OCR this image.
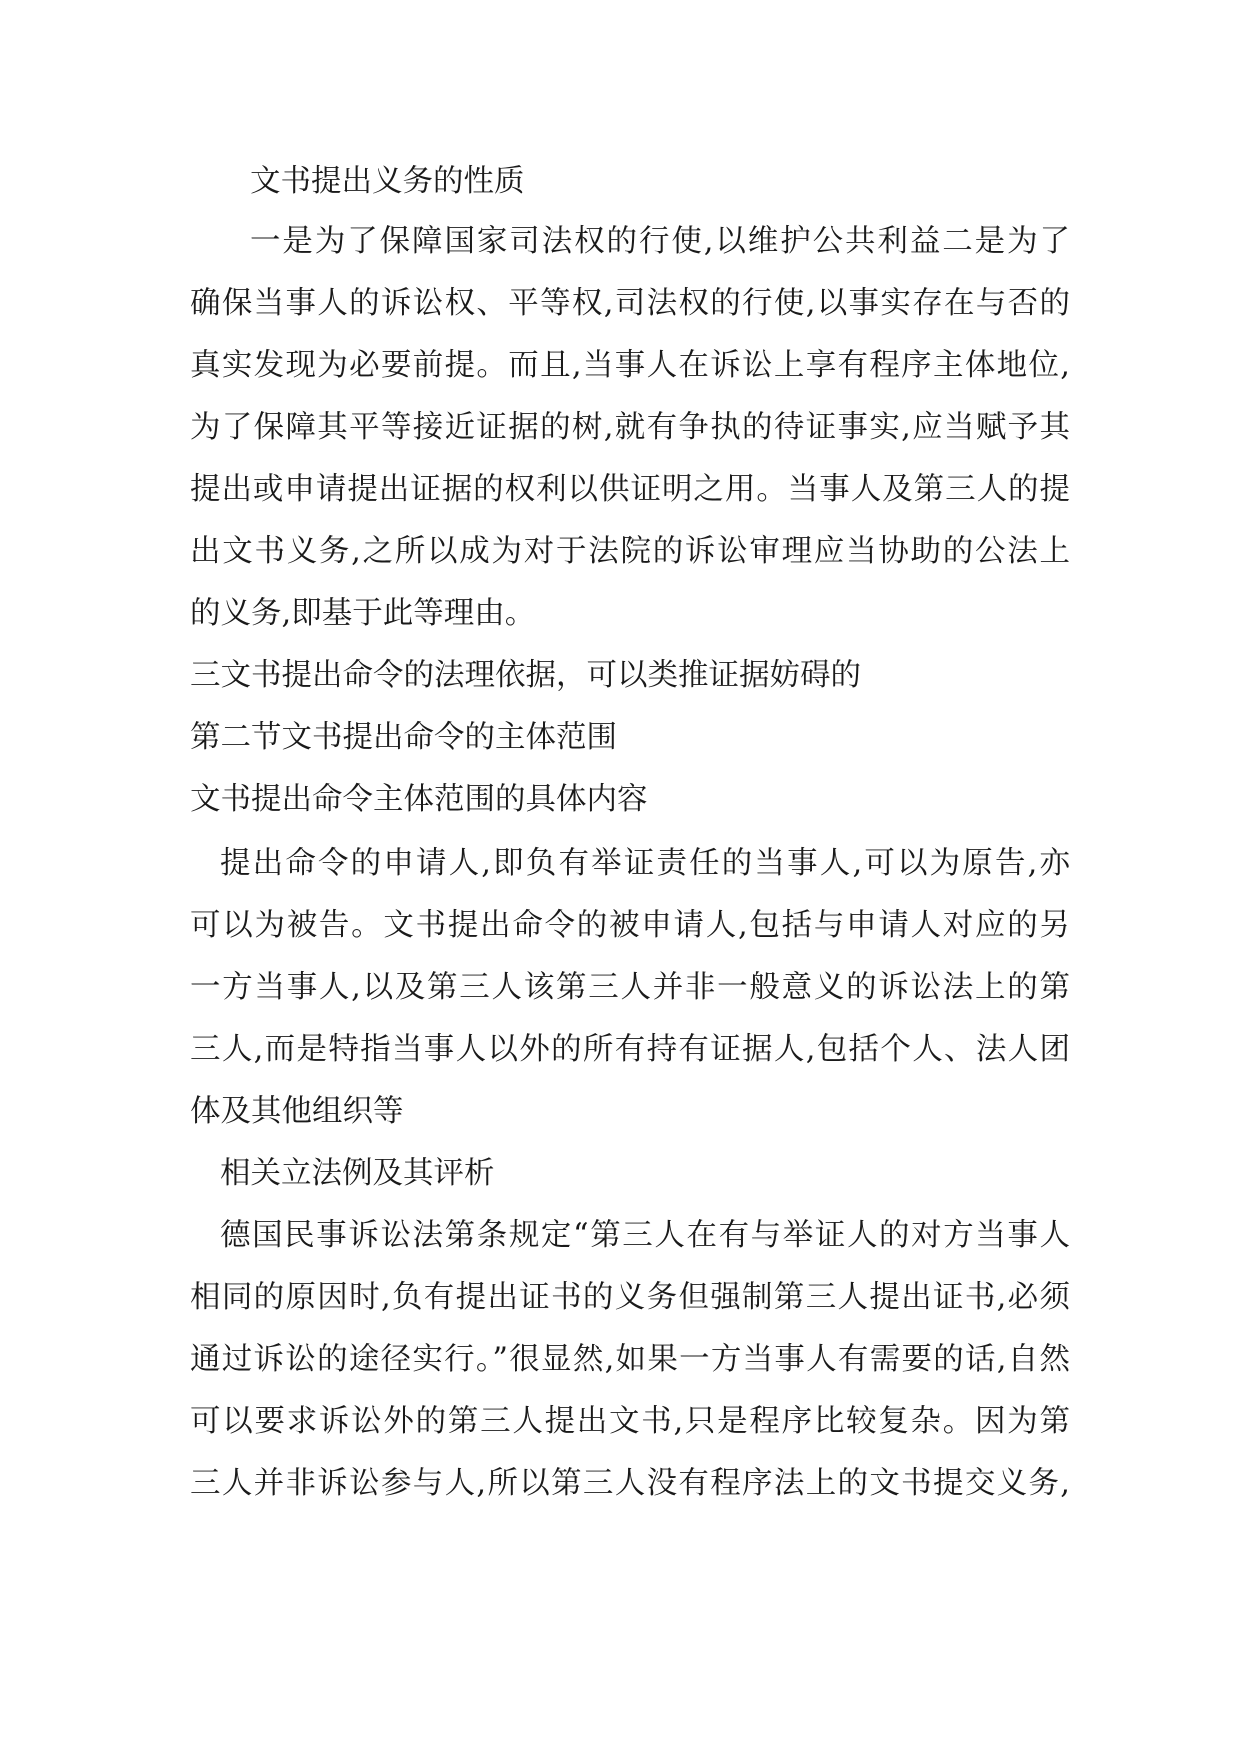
文书提出义务的性质
一是为了保障国家司法权的行使,以维护公共利益二是为了
确保当事人的诉讼权、平等权,司法权的行使,以事实存在与否的
真实发现为必要前提。而且,当事人在诉讼上享有程序主体地位,
为了保障其平等接近证据的树,就有争执的待证事实,应当赋予其
提出或申请提出证据的权利以供证明之用。当事人及第三人的提
出文书义务,之所以成为对于法院的诉讼审理应当协助的公法上
的义务,即基于此等理由。
三文书提出命令的法理依据，可以类推证据妨碍的
第二节文书提出命令的主体范围
文书提出命令主体范围的具体内容
提出命令的申请人,即负有举证责任的当事人,可以为原告,亦
可以为被告。文书提出命令的被申请人,包括与申请人对应的另
一方当事人,以及第三人该第三人并非一般意义的诉讼法上的第
三人,而是特指当事人以外的所有持有证据人,包括个人、法人团
体及其他组织等
相关立法例及其评析
德国民事诉讼法第条规定“第三人在有与举证人的对方当事人
相同的原因时,负有提出证书的义务但强制第三人提出证书,必须
通过诉讼的途径实行。”很显然,如果一方当事人有需要的话,自然
可以要求诉讼外的第三人提出文书,只是程序比较复杂。因为第
三人并非诉讼参与人,所以第三人没有程序法上的文书提交义务,
